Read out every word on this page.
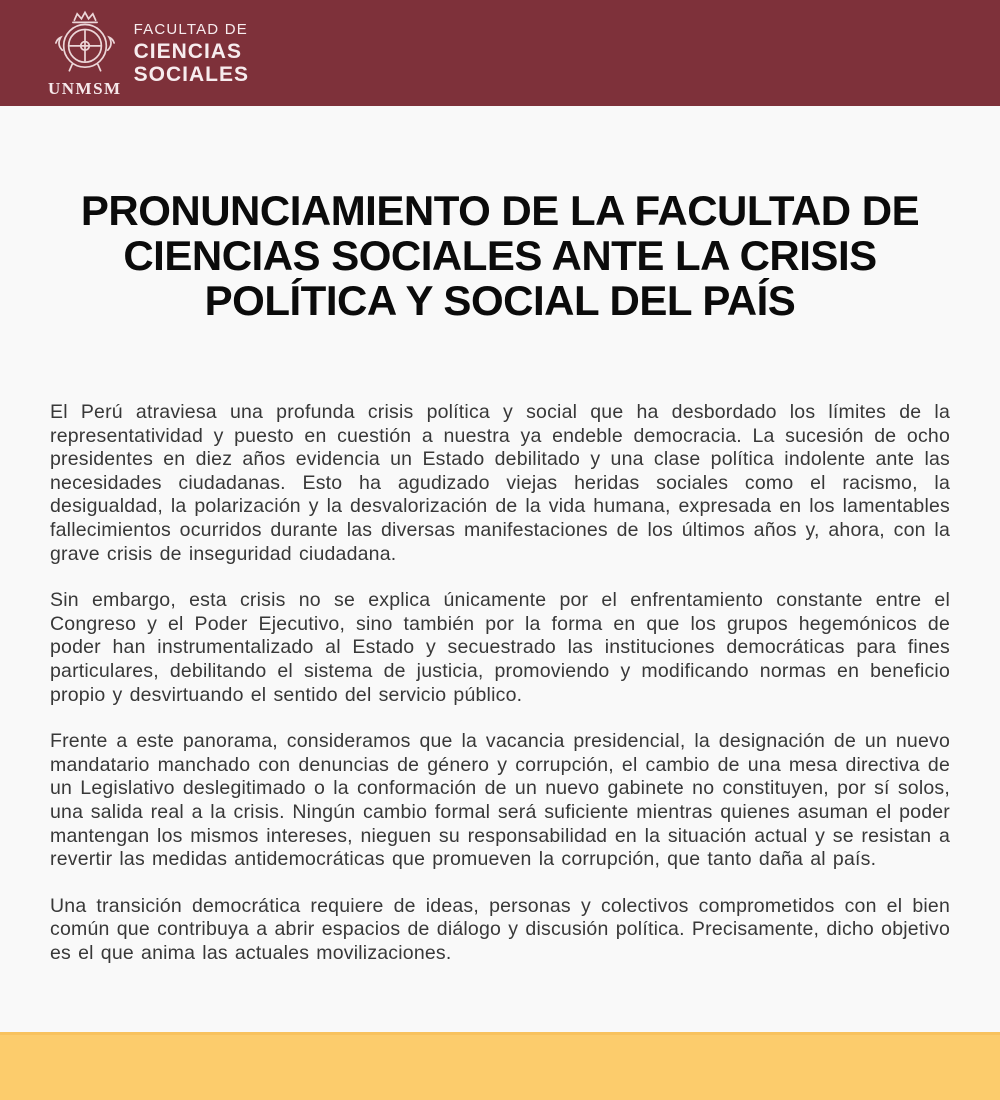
UNMSM
FACULTAD DE
CIENCIAS
SOCIALES
PRONUNCIAMIENTO DE LA FACULTAD DE
CIENCIAS SOCIALES ANTE LA CRISIS
POLÍTICA Y SOCIAL DEL PAÍS

El Perú atraviesa una profunda crisis política y social que ha desbordado los límites de la representatividad y puesto en cuestión a nuestra ya endeble democracia. La sucesión de ocho presidentes en diez años evidencia un Estado debilitado y una clase política indolente ante las necesidades ciudadanas. Esto ha agudizado viejas heridas sociales como el racismo, la desigualdad, la polarización y la desvalorización de la vida humana, expresada en los lamentables fallecimientos ocurridos durante las diversas manifestaciones de los últimos años y, ahora, con la grave crisis de inseguridad ciudadana.

Sin embargo, esta crisis no se explica únicamente por el enfrentamiento constante entre el Congreso y el Poder Ejecutivo, sino también por la forma en que los grupos hegemónicos de poder han instrumentalizado al Estado y secuestrado las instituciones democráticas para fines particulares, debilitando el sistema de justicia, promoviendo y modificando normas en beneficio propio y desvirtuando el sentido del servicio público.

Frente a este panorama, consideramos que la vacancia presidencial, la designación de un nuevo mandatario manchado con denuncias de género y corrupción, el cambio de una mesa directiva de un Legislativo deslegitimado o la conformación de un nuevo gabinete no constituyen, por sí solos, una salida real a la crisis. Ningún cambio formal será suficiente mientras quienes asuman el poder mantengan los mismos intereses, nieguen su responsabilidad en la situación actual y se resistan a revertir las medidas antidemocráticas que promueven la corrupción, que tanto daña al país.

Una transición democrática requiere de ideas, personas y colectivos comprometidos con el bien común que contribuya a abrir espacios de diálogo y discusión política. Precisamente, dicho objetivo es el que anima las actuales movilizaciones.
